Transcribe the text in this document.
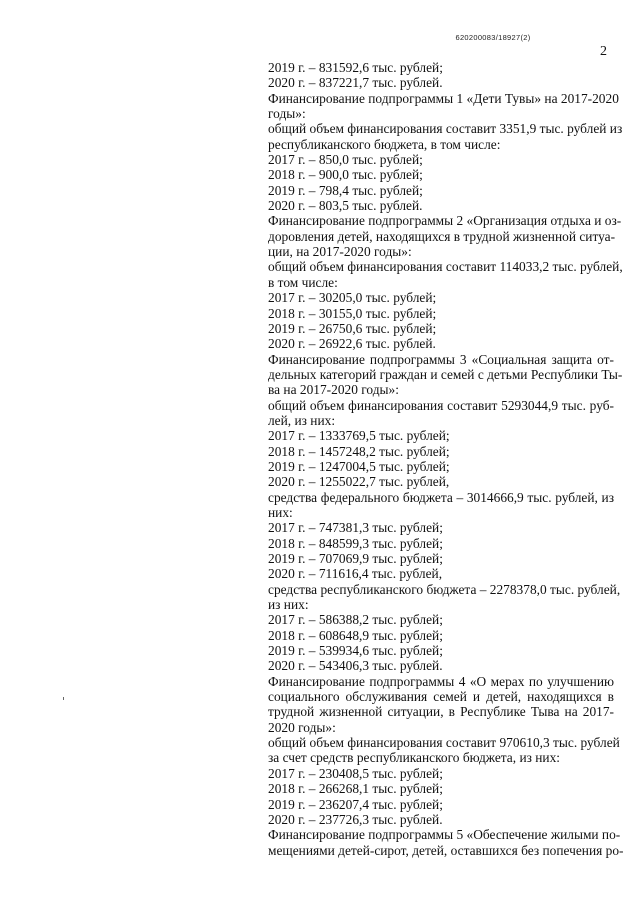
620200083/18927(2)
2
2019 г. – 831592,6 тыс. рублей;
2020 г. – 837221,7 тыс. рублей.
Финансирование подпрограммы 1 «Дети Тувы» на 2017-2020
годы»:
общий объем финансирования составит 3351,9 тыс. рублей из
республиканского бюджета, в том числе:
2017 г. – 850,0 тыс. рублей;
2018 г. – 900,0 тыс. рублей;
2019 г. – 798,4 тыс. рублей;
2020 г. – 803,5 тыс. рублей.
Финансирование подпрограммы 2 «Организация отдыха и оз-
доровления детей, находящихся в трудной жизненной ситуа-
ции, на 2017-2020 годы»:
общий объем финансирования составит 114033,2 тыс. рублей,
в том числе:
2017 г. – 30205,0 тыс. рублей;
2018 г. – 30155,0 тыс. рублей;
2019 г. – 26750,6 тыс. рублей;
2020 г. – 26922,6 тыс. рублей.
Финансирование подпрограммы 3 «Социальная защита от-
дельных категорий граждан и семей с детьми Республики Ты-
ва на 2017-2020 годы»:
общий объем финансирования составит 5293044,9 тыс. руб-
лей, из них:
2017 г. – 1333769,5 тыс. рублей;
2018 г. – 1457248,2 тыс. рублей;
2019 г. – 1247004,5 тыс. рублей;
2020 г. – 1255022,7 тыс. рублей,
средства федерального бюджета – 3014666,9 тыс. рублей, из
них:
2017 г. – 747381,3 тыс. рублей;
2018 г. – 848599,3 тыс. рублей;
2019 г. – 707069,9 тыс. рублей;
2020 г. – 711616,4 тыс. рублей,
средства республиканского бюджета – 2278378,0 тыс. рублей,
из них:
2017 г. – 586388,2 тыс. рублей;
2018 г. – 608648,9 тыс. рублей;
2019 г. – 539934,6 тыс. рублей;
2020 г. – 543406,3 тыс. рублей.
Финансирование подпрограммы 4 «О мерах по улучшению
социального обслуживания семей и детей, находящихся в
трудной жизненной ситуации, в Республике Тыва на 2017-
2020 годы»:
общий объем финансирования составит 970610,3 тыс. рублей
за счет средств республиканского бюджета, из них:
2017 г. – 230408,5 тыс. рублей;
2018 г. – 266268,1 тыс. рублей;
2019 г. – 236207,4 тыс. рублей;
2020 г. – 237726,3 тыс. рублей.
Финансирование подпрограммы 5 «Обеспечение жилыми по-
мещениями детей-сирот, детей, оставшихся без попечения ро-
